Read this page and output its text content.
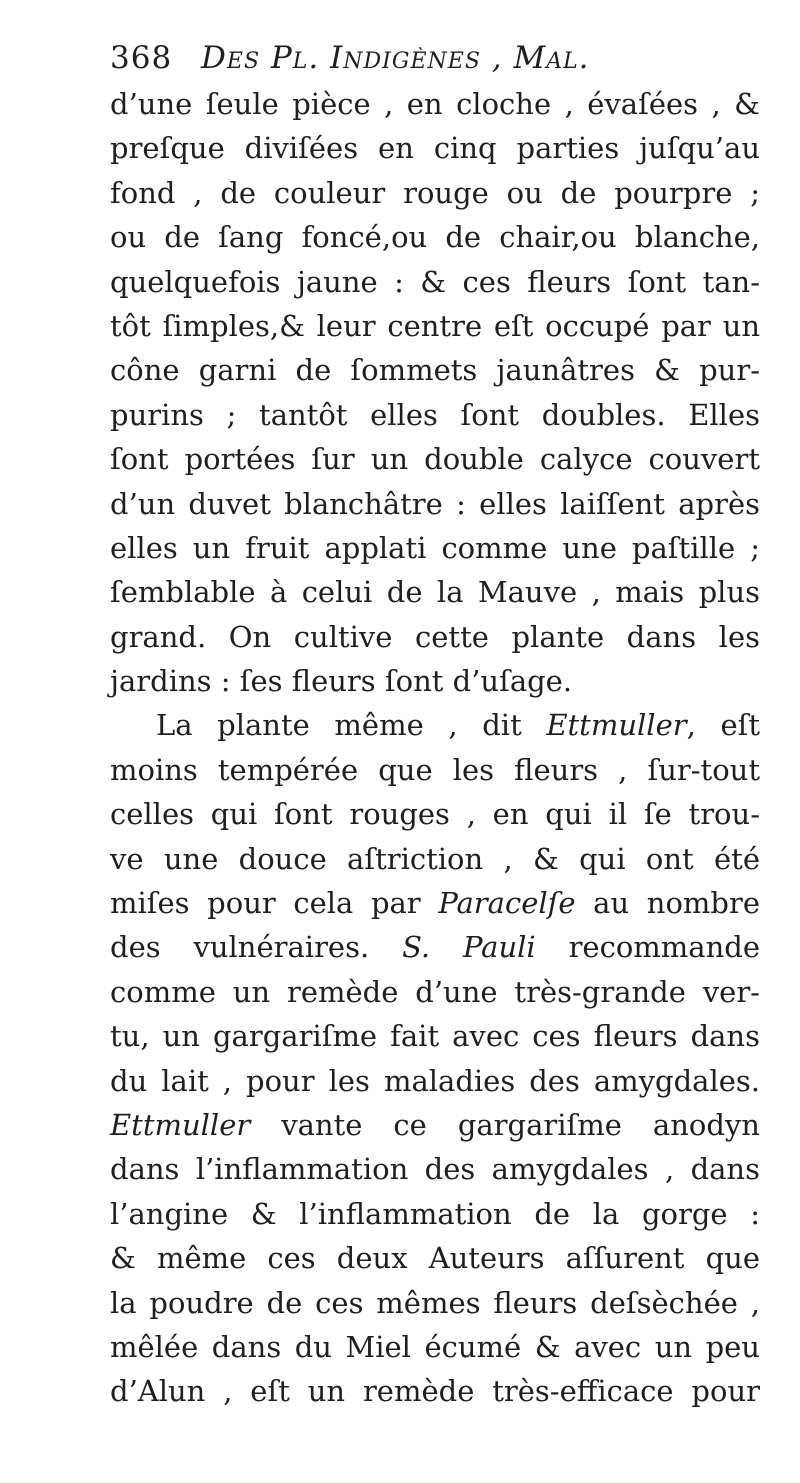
368 Des Pl. Indigènes , Mal.
d’une ſeule pièce , en cloche , évaſées , &
preſque diviſées en cinq parties juſqu’au
fond , de couleur rouge ou de pourpre ;
ou de ſang foncé,ou de chair,ou blanche,
quelquefois jaune : & ces fleurs ſont tan-
tôt ſimples,& leur centre eſt occupé par un
cône garni de ſommets jaunâtres & pur-
purins ; tantôt elles ſont doubles. Elles
ſont portées ſur un double calyce couvert
d’un duvet blanchâtre : elles laiſſent après
elles un fruit applati comme une paſtille ;
ſemblable à celui de la Mauve , mais plus
grand. On cultive cette plante dans les
jardins : ſes fleurs ſont d’uſage.
La plante même , dit Ettmuller, eſt
moins tempérée que les fleurs , ſur-tout
celles qui ſont rouges , en qui il ſe trou-
ve une douce aſtriction , & qui ont été
miſes pour cela par Paracelſe au nombre
des vulnéraires. S. Pauli recommande
comme un remède d’une très-grande ver-
tu, un gargariſme fait avec ces fleurs dans
du lait , pour les maladies des amygdales.
Ettmuller vante ce gargariſme anodyn
dans l’inflammation des amygdales , dans
l’angine & l’inflammation de la gorge :
& même ces deux Auteurs aſſurent que
la poudre de ces mêmes fleurs deſsèchée ,
mêlée dans du Miel écumé & avec un peu
d’Alun , eſt un remède très-efficace pour
